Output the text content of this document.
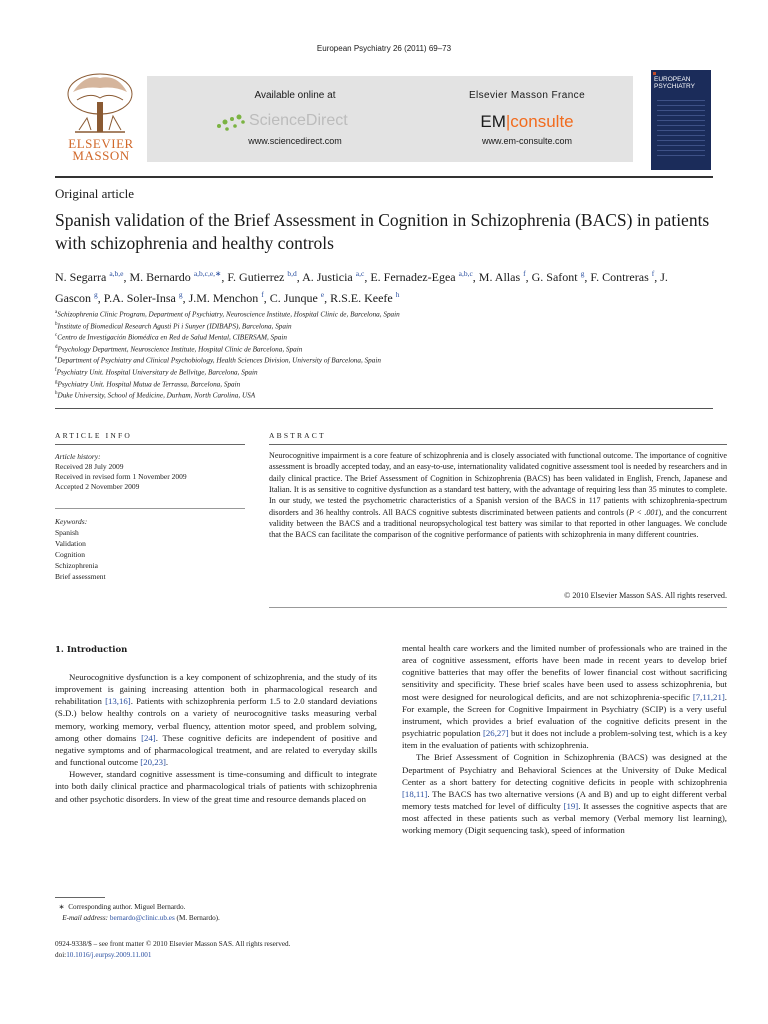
European Psychiatry 26 (2011) 69–73
ELSEVIER
MASSON
Available online at
ScienceDirect
www.sciencedirect.com
Elsevier Masson France
EM|consulte
www.em-consulte.com
EUROPEAN
PSYCHIATRY
Original article
Spanish validation of the Brief Assessment in Cognition in Schizophrenia (BACS) in patients with schizophrenia and healthy controls
N. Segarra $^{a,b,e}$, M. Bernardo $^{a,b,c,e,∗}$, F. Gutierrez $^{b,d}$, A. Justicia $^{a,c}$, E. Fernadez-Egea $^{a,b,c}$, M. Allas $^f$, G. Safont $^g$, F. Contreras $^f$, J. Gascon $^g$, P.A. Soler-Insa $^g$, J.M. Menchon $^f$, C. Junque $^e$, R.S.E. Keefe $^h$
$^a$Schizophrenia Clinic Program, Department of Psychiatry, Neuroscience Institute, Hospital Clinic de, Barcelona, Spain
$^b$Institute of Biomedical Research Agusti Pi i Sunyer (IDIBAPS), Barcelona, Spain
$^c$Centro de Investigación Biomédica en Red de Salud Mental, CIBERSAM, Spain
$^d$Psychology Department, Neuroscience Institute, Hospital Clinic de Barcelona, Spain
$^e$Department of Psychiatry and Clinical Psychobiology, Health Sciences Division, University of Barcelona, Spain
$^f$Psychiatry Unit. Hospital Universitary de Bellvitge, Barcelona, Spain
$^g$Psychiatry Unit. Hospital Mutua de Terrassa, Barcelona, Spain
$^h$Duke University, School of Medicine, Durham, North Carolina, USA
ARTICLE INFO
Article history:
Received 28 July 2009
Received in revised form 1 November 2009
Accepted 2 November 2009
Keywords:
Spanish
Validation
Cognition
Schizophrenia
Brief assessment
ABSTRACT
Neurocognitive impairment is a core feature of schizophrenia and is closely associated with functional outcome. The importance of cognitive assessment is broadly accepted today, and an easy-to-use, internationality validated cognitive assessment tool is needed by researchers and in daily clinical practice. The Brief Assessment of Cognition in Schizophrenia (BACS) has been validated in English, French, Japanese and Italian. It is as sensitive to cognitive dysfunction as a standard test battery, with the advantage of requiring less than 35 minutes to complete. In our study, we tested the psychometric characteristics of a Spanish version of the BACS in 117 patients with schizophrenia-spectrum disorders and 36 healthy controls. All BACS cognitive subtests discriminated between patients and controls (P < .001), and the concurrent validity between the BACS and a traditional neuropsychological test battery was similar to that reported in other languages. We conclude that the BACS can facilitate the comparison of the cognitive performance of patients with schizophrenia in many different countries.
© 2010 Elsevier Masson SAS. All rights reserved.
1. Introduction

Neurocognitive dysfunction is a key component of schizophrenia, and the study of its improvement is gaining increasing attention both in pharmacological research and rehabilitation [13,16]. Patients with schizophrenia perform 1.5 to 2.0 standard deviations (S.D.) below healthy controls on a variety of neurocognitive tasks measuring verbal memory, working memory, verbal fluency, attention motor speed, and problem solving, among other domains [24]. These cognitive deficits are independent of positive and negative symptoms and of pharmacological treatment, and are related to everyday skills and functional outcome [20,23].

However, standard cognitive assessment is time-consuming and difficult to integrate into both daily clinical practice and pharmacological trials of patients with schizophrenia and other psychotic disorders. In view of the great time and resource demands placed on

mental health care workers and the limited number of professionals who are trained in the area of cognitive assessment, efforts have been made in recent years to develop brief cognitive batteries that may offer the benefits of lower financial cost without sacrificing sensitivity and specificity. These brief scales have been used to assess schizophrenia, but most were designed for neurological deficits, and are not schizophrenia-specific [7,11,21]. For example, the Screen for Cognitive Impairment in Psychiatry (SCIP) is a very useful instrument, which provides a brief evaluation of the cognitive deficits present in the psychiatric population [26,27] but it does not include a problem-solving test, which is a key item in the evaluation of patients with schizophrenia.

The Brief Assessment of Cognition in Schizophrenia (BACS) was designed at the Department of Psychiatry and Behavioral Sciences at the University of Duke Medical Center as a short battery for detecting cognitive deficits in people with schizophrenia [18,11]. The BACS has two alternative versions (A and B) and up to eight different verbal memory tests matched for level of difficulty [19]. It assesses the cognitive aspects that are most affected in these patients such as verbal memory (Verbal memory list learning), working memory (Digit sequencing task), speed of information

∗ Corresponding author. Miguel Bernardo.
E-mail address: bernardo@clinic.ub.es (M. Bernardo).
0924-9338/$ – see front matter © 2010 Elsevier Masson SAS. All rights reserved.
doi:10.1016/j.eurpsy.2009.11.001
